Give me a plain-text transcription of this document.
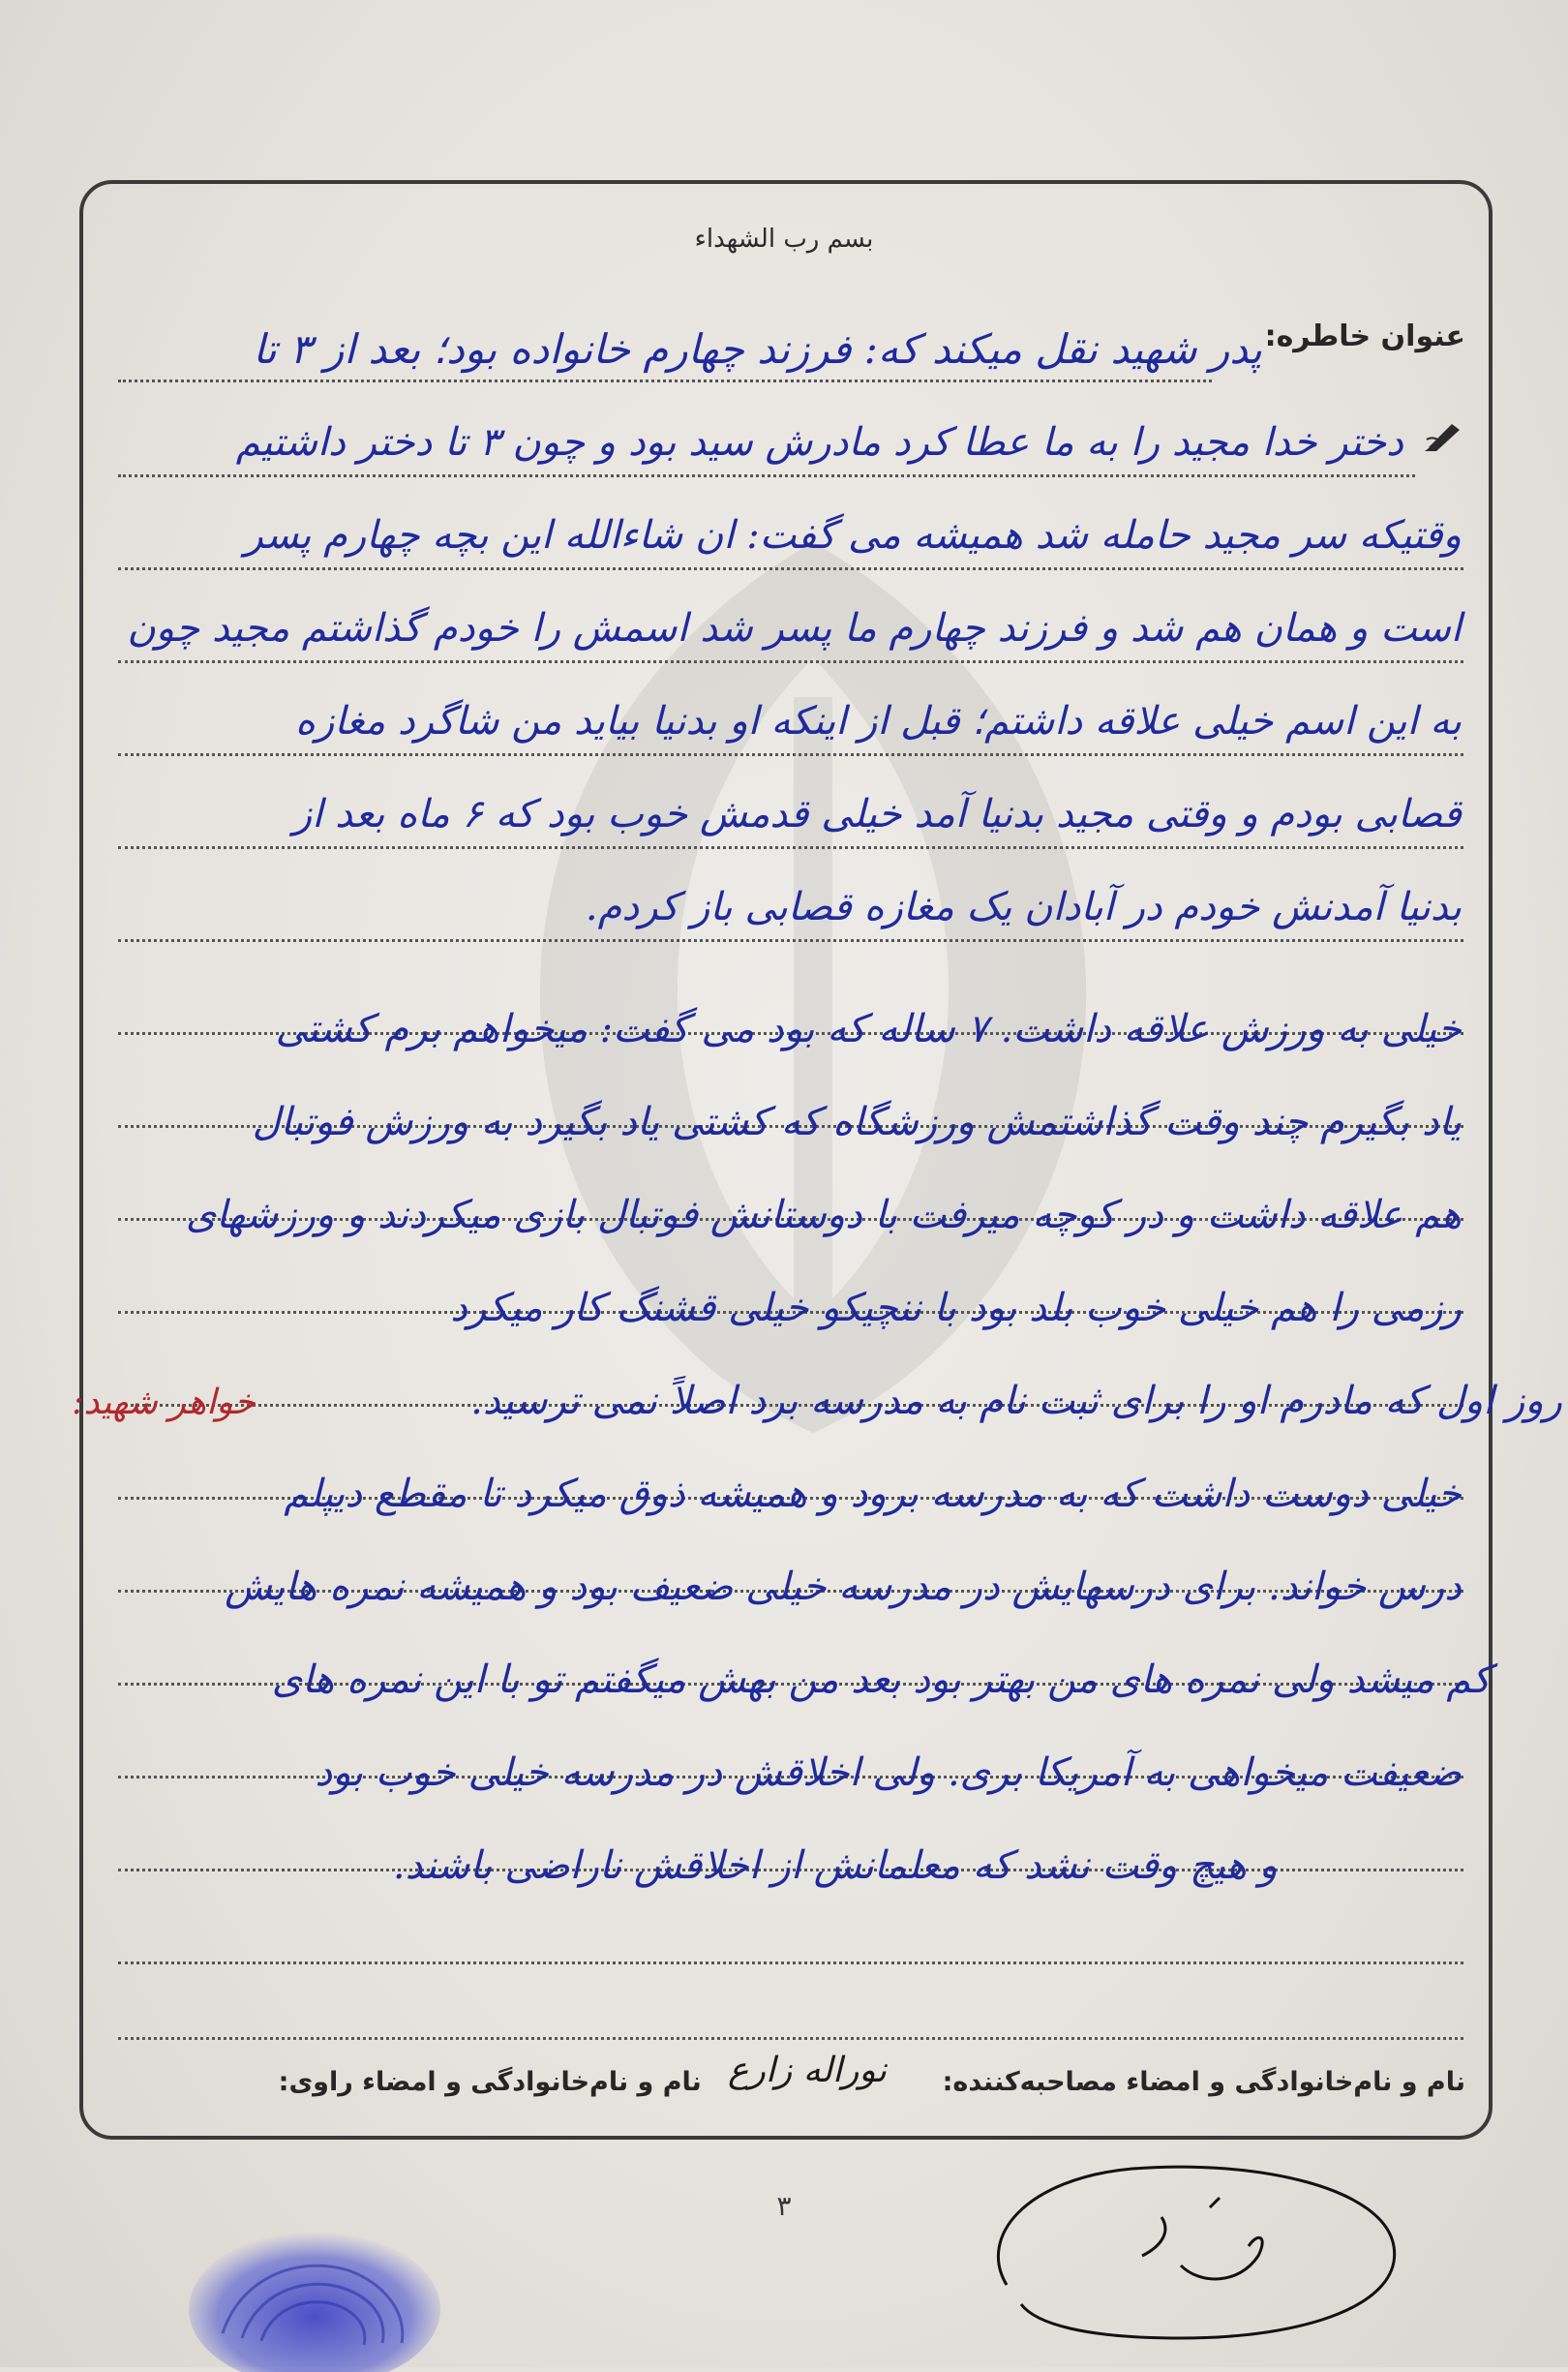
بسم رب الشهداء
عنوان خاطره:
پدر شهید نقل میکند که: فرزند چهارم خانواده بود؛ بعد از ۳ تا
دختر خدا مجید را به ما عطا کرد مادرش سید بود و چون ۳ تا دختر داشتیم
وقتیکه سر مجید حامله شد همیشه می گفت: ان شاءالله این بچه چهارم پسر
است و همان هم شد و فرزند چهارم ما پسر شد اسمش را خودم گذاشتم مجید چون
به این اسم خیلی علاقه داشتم؛ قبل از اینکه او بدنیا بیاید من شاگرد مغازه
قصابی بودم و وقتی مجید بدنیا آمد خیلی قدمش خوب بود که ۶ ماه بعد از
بدنیا آمدنش خودم در آبادان یک مغازه قصابی باز کردم.
خیلی به ورزش علاقه داشت. ۷ ساله که بود می گفت: میخواهم برم کشتی
یاد بگیرم چند وقت گذاشتمش ورزشگاه که کشتی یاد بگیرد به ورزش فوتبال
هم علاقه داشت و در کوچه میرفت با دوستانش فوتبال بازی میکردند و ورزشهای
رزمی را هم خیلی خوب بلد بود با ننچیکو خیلی قشنگ کار میکرد
خواهر شهید:	روز اول که مادرم او را برای ثبت نام به مدرسه برد اصلاً نمی ترسید.
خیلی دوست داشت که به مدرسه برود و همیشه ذوق میکرد تا مقطع دیپلم
درس خواند. برای درسهایش در مدرسه خیلی ضعیف بود و همیشه نمره هایش
کم میشد ولی نمره های من بهتر بود بعد من بهش میگفتم تو با این نمره های
ضعیفت میخواهی به آمریکا بری. ولی اخلاقش در مدرسه خیلی خوب بود
و هیچ وقت نشد که معلمانش از اخلاقش ناراضی باشند.
نام و نام‌خانوادگی و امضاء مصاحبه‌کننده:  نام و نام‌خانوادگی و امضاء راوی: نوراله زارع
۳
